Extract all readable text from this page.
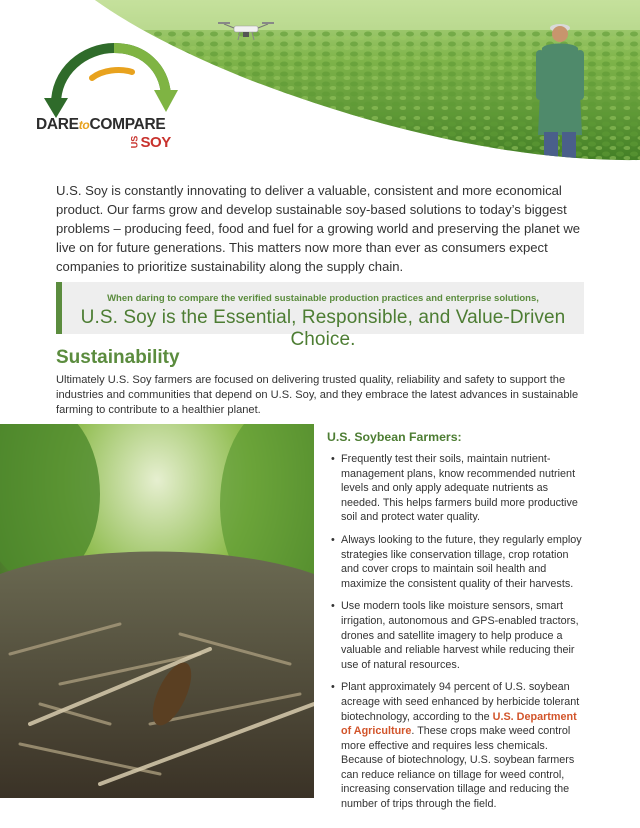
DAREtoCOMPARE
USSOY

U.S. Soy is constantly innovating to deliver a valuable, consistent and more economical product. Our farms grow and develop sustainable soy-based solutions to today’s biggest problems – producing feed, food and fuel for a growing world and preserving the planet we live on for future generations. This matters now more than ever as consumers expect companies to prioritize sustainability along the supply chain.

When daring to compare the verified sustainable production practices and enterprise solutions,
U.S. Soy is the Essential, Responsible, and Value-Driven Choice.
Sustainability

Ultimately U.S. Soy farmers are focused on delivering trusted quality, reliability and safety to support the industries and communities that depend on U.S. Soy, and they embrace the latest advances in sustainable farming to contribute to a healthier planet.

U.S. Soybean Farmers:
• Frequently test their soils, maintain nutrient-management plans, know recommended nutrient levels and only apply adequate nutrients as needed. This helps farmers build more productive soil and protect water quality.
• Always looking to the future, they regularly employ strategies like conservation tillage, crop rotation and cover crops to maintain soil health and maximize the consistent quality of their harvests.
• Use modern tools like moisture sensors, smart irrigation, autonomous and GPS-enabled tractors, drones and satellite imagery to help produce a valuable and reliable harvest while reducing their use of natural resources.
• Plant approximately 94 percent of U.S. soybean acreage with seed enhanced by herbicide tolerant biotechnology, according to the U.S. Department of Agriculture. These crops make weed control more effective and requires less chemicals. Because of biotechnology, U.S. soybean farmers can reduce reliance on tillage for weed control, increasing conservation tillage and reducing the number of trips through the field.
